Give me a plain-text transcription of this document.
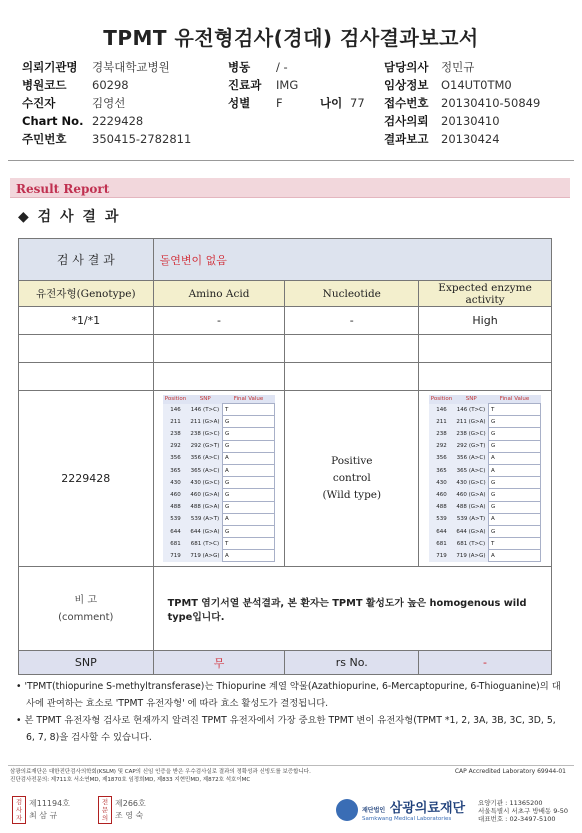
TPMT 유전형검사(경대) 검사결과보고서
의뢰기관명	경북대학교병원
병원코드	60298
수진자	김영선
Chart No. 2229428
주민번호	350415-2782811
병동	/ -
진료과	IMG
성별	F	나이 77
담당의사	정민규
임상정보	O14UT0TM0
접수번호	20130410-50849
검사의뢰	20130410
결과보고	20130424
Result Report
◆ 검 사 결 과
검 사 결 과	돌연변이 없음
유전자형(Genotype)	Amino Acid	Nucleotide	Expected enzyme activity
*1/*1	-	-	High

2229428	
Position	SNP	Final Value
146	146 (T>C)	T
211	211 (G>A)	G
238	238 (G>C)	G
292	292 (G>T)	G
356	356 (A>C)	A
365	365 (A>C)	A
430	430 (G>C)	G
460	460 (G>A)	G
488	488 (G>A)	G
539	539 (A>T)	A
644	644 (G>A)	G
681	681 (T>C)	T
719	719 (A>G)	A

Positive
control
(Wild type)

Position	SNP	Final Value
146	146 (T>C)	T
211	211 (G>A)	G
238	238 (G>C)	G
292	292 (G>T)	G
356	356 (A>C)	A
365	365 (A>C)	A
430	430 (G>C)	G
460	460 (G>A)	G
488	488 (G>A)	G
539	539 (A>T)	A
644	644 (G>A)	G
681	681 (T>C)	T
719	719 (A>G)	A

비 고
(comment)
	TPMT 염기서열 분석결과, 본 환자는 TPMT 활성도가 높은 homogenous wild type입니다.
SNP	무	rs No.	-

• 'TPMT(thiopurine S-methyltransferase)는 Thiopurine 계열 약물(Azathiopurine, 6-Mercaptopurine, 6-Thioguanine)의 대사에 관여하는 효소로 'TPMT 유전자형' 에 따라 효소 활성도가 결정됩니다.

• 본 TPMT 유전자형 검사로 현재까지 알려진 TPMT 유전자에서 가장 중요한 TPMT 변이 유전자형(TPMT *1, 2, 3A, 3B, 3C, 3D, 5, 6, 7, 8)을 검사할 수 있습니다.

삼광의료재단은 대한진단검사의학회(KSLM) 및 CAP의 신임 인증을 받은 우수검사실로 결과의 정확성과 신빙도를 보증합니다.
진단검사전문의: 제711호 서소연MD, 제1870호 임정희MD, 제833 지현민MD, 제872호 석호이MC
CAP Accredited Laboratory 69944-01
검사자
제11194호
최 삼 규
전문의
제266호
조 영 숙
재단법인 삼광의료재단
Samkwang Medical Laboratories
요양기관 : 11365200
서울특별시 서초구 방배동 9-50
대표번호 : 02-3497-5100
